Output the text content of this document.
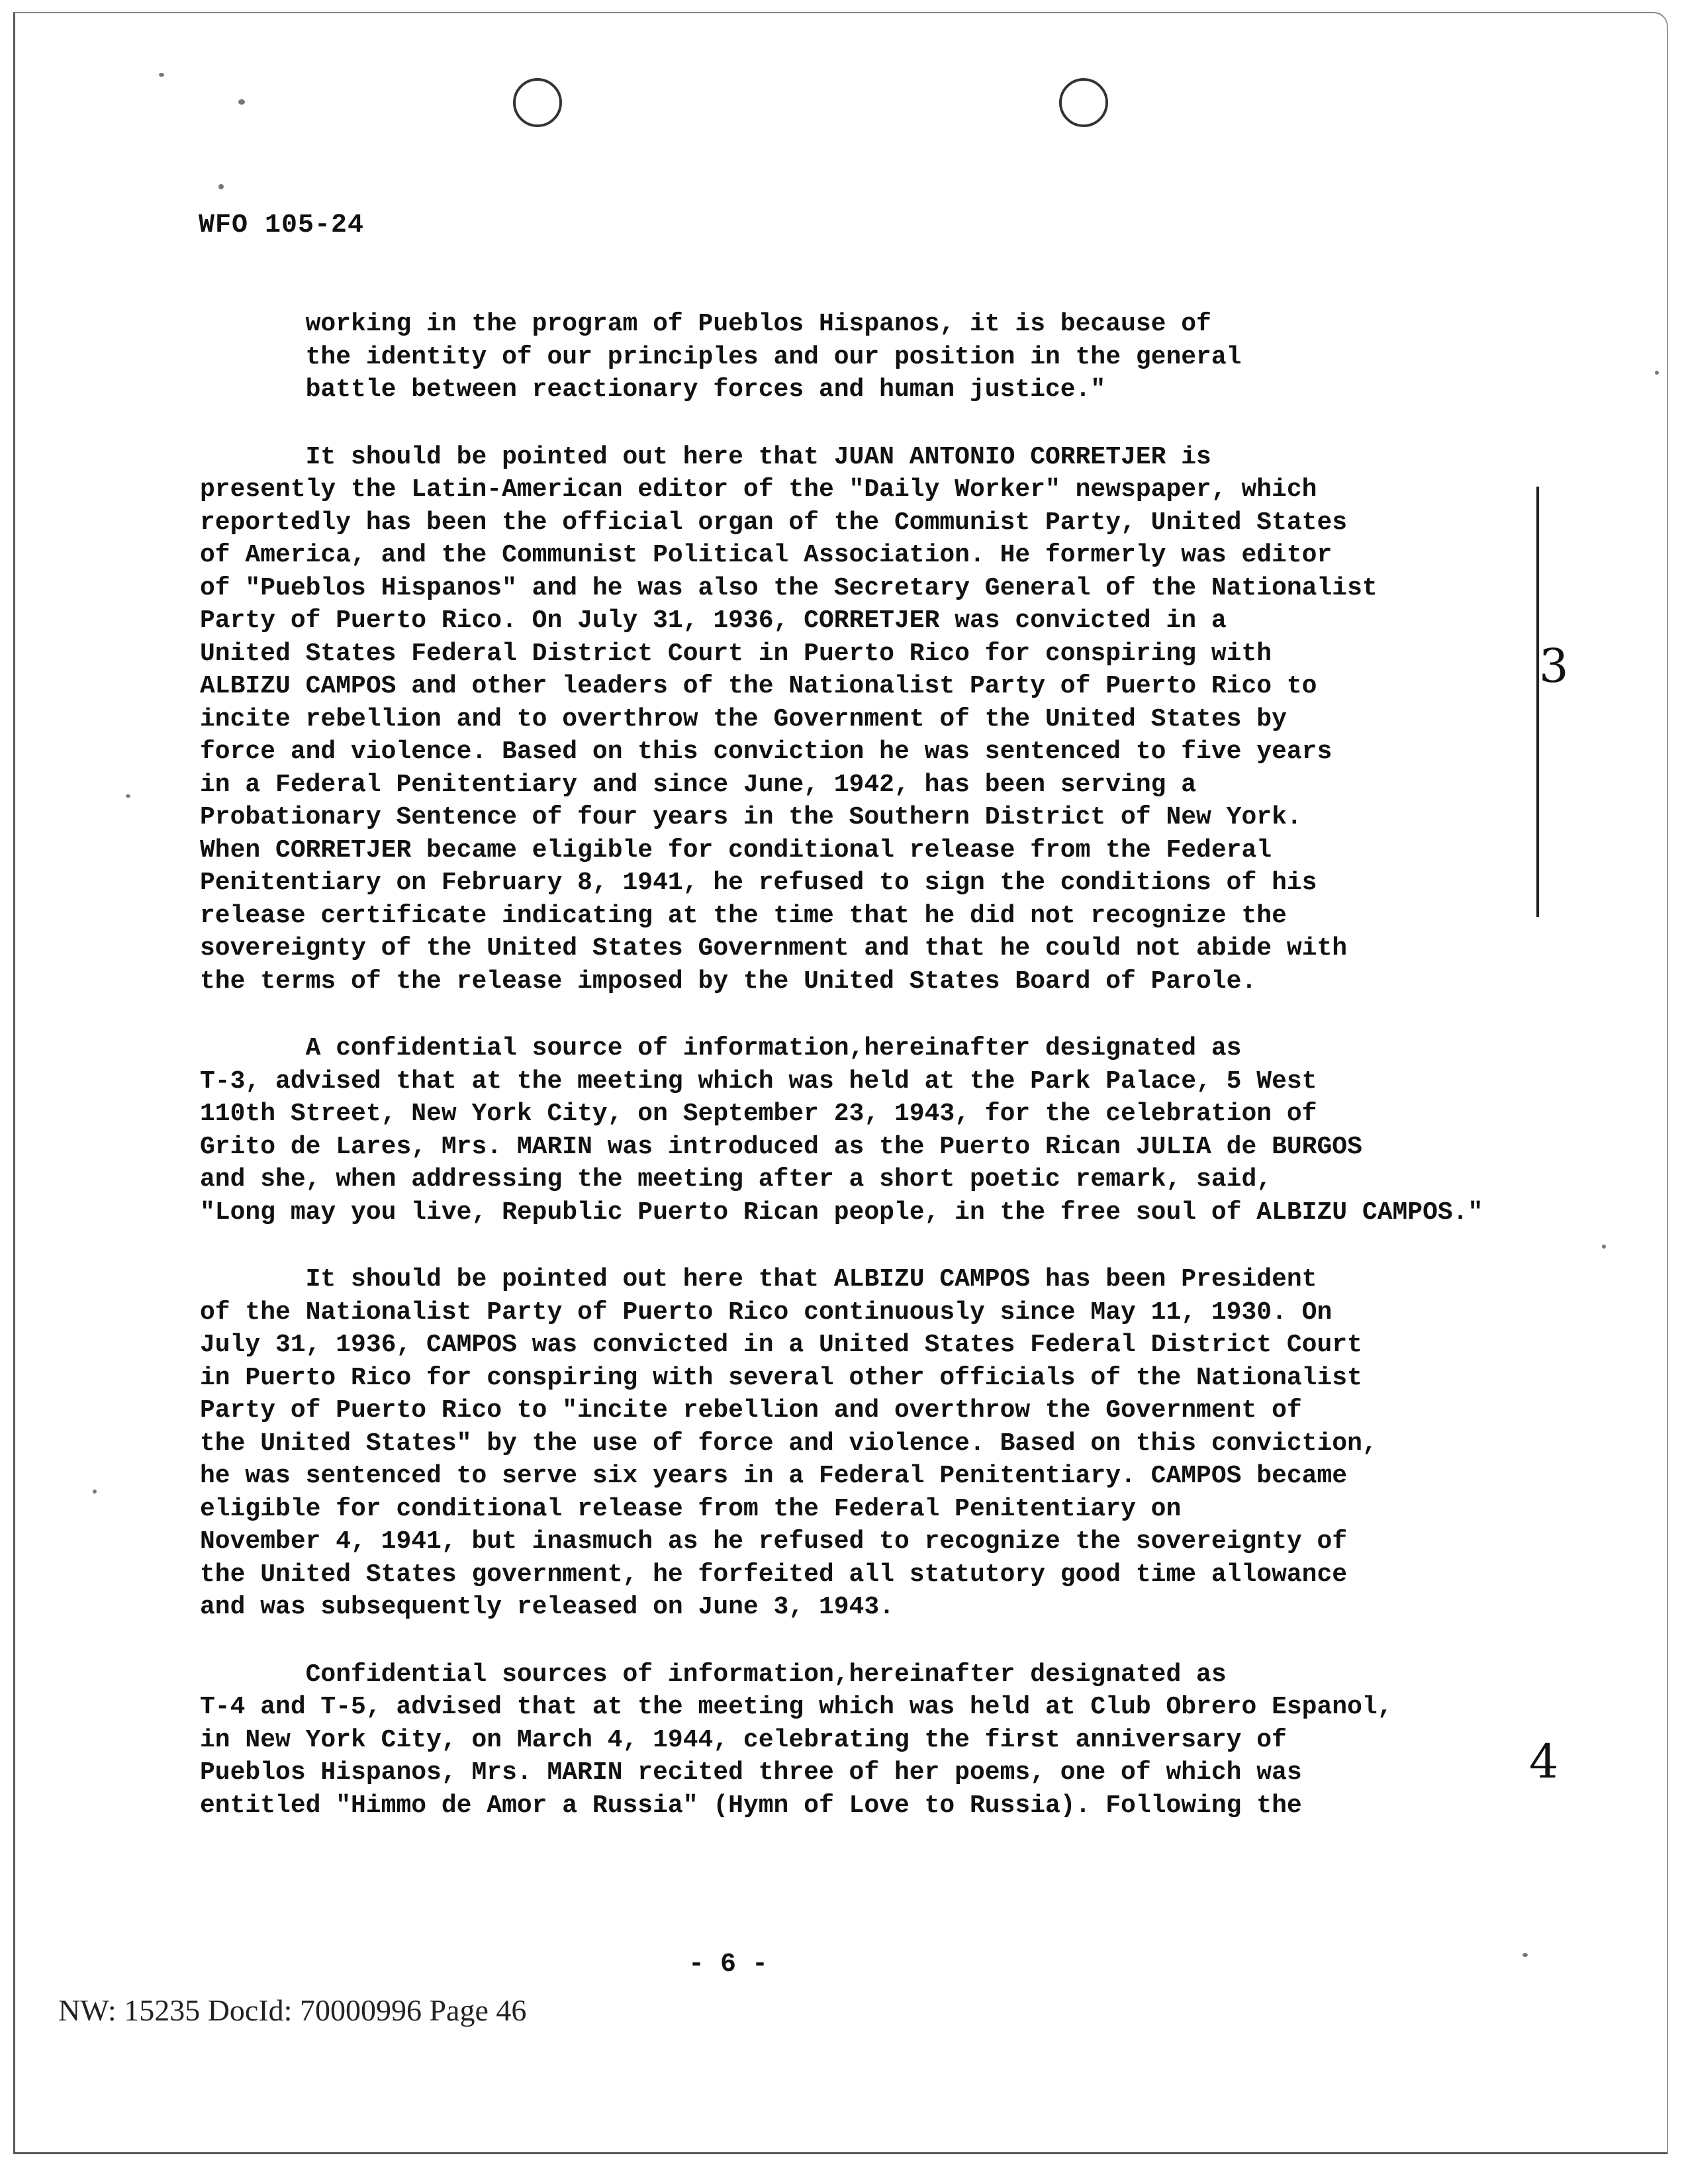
WFO 105-24

working in the program of Pueblos Hispanos, it is because of

the identity of our principles and our position in the general

battle between reactionary forces and human justice."

It should be pointed out here that JUAN ANTONIO CORRETJER is

presently the Latin-American editor of the "Daily Worker" newspaper, which

reportedly has been the official organ of the Communist Party, United States

of America, and the Communist Political Association. He formerly was editor

of "Pueblos Hispanos" and he was also the Secretary General of the Nationalist

Party of Puerto Rico. On July 31, 1936, CORRETJER was convicted in a

United States Federal District Court in Puerto Rico for conspiring with

ALBIZU CAMPOS and other leaders of the Nationalist Party of Puerto Rico to

incite rebellion and to overthrow the Government of the United States by

force and violence. Based on this conviction he was sentenced to five years

in a Federal Penitentiary and since June, 1942, has been serving a

Probationary Sentence of four years in the Southern District of New York.

When CORRETJER became eligible for conditional release from the Federal

Penitentiary on February 8, 1941, he refused to sign the conditions of his

release certificate indicating at the time that he did not recognize the

sovereignty of the United States Government and that he could not abide with

the terms of the release imposed by the United States Board of Parole.

A confidential source of information,hereinafter designated as

T-3, advised that at the meeting which was held at the Park Palace, 5 West

110th Street, New York City, on September 23, 1943, for the celebration of

Grito de Lares, Mrs. MARIN was introduced as the Puerto Rican JULIA de BURGOS

and she, when addressing the meeting after a short poetic remark, said,

"Long may you live, Republic Puerto Rican people, in the free soul of ALBIZU CAMPOS."

It should be pointed out here that ALBIZU CAMPOS has been President

of the Nationalist Party of Puerto Rico continuously since May 11, 1930. On

July 31, 1936, CAMPOS was convicted in a United States Federal District Court

in Puerto Rico for conspiring with several other officials of the Nationalist

Party of Puerto Rico to "incite rebellion and overthrow the Government of

the United States" by the use of force and violence. Based on this conviction,

he was sentenced to serve six years in a Federal Penitentiary. CAMPOS became

eligible for conditional release from the Federal Penitentiary on

November 4, 1941, but inasmuch as he refused to recognize the sovereignty of

the United States government, he forfeited all statutory good time allowance

and was subsequently released on June 3, 1943.

Confidential sources of information,hereinafter designated as

T-4 and T-5, advised that at the meeting which was held at Club Obrero Espanol,

in New York City, on March 4, 1944, celebrating the first anniversary of

Pueblos Hispanos, Mrs. MARIN recited three of her poems, one of which was

entitled "Himmo de Amor a Russia" (Hymn of Love to Russia). Following the

3
4
- 6 -
NW: 15235 DocId: 70000996 Page 46
